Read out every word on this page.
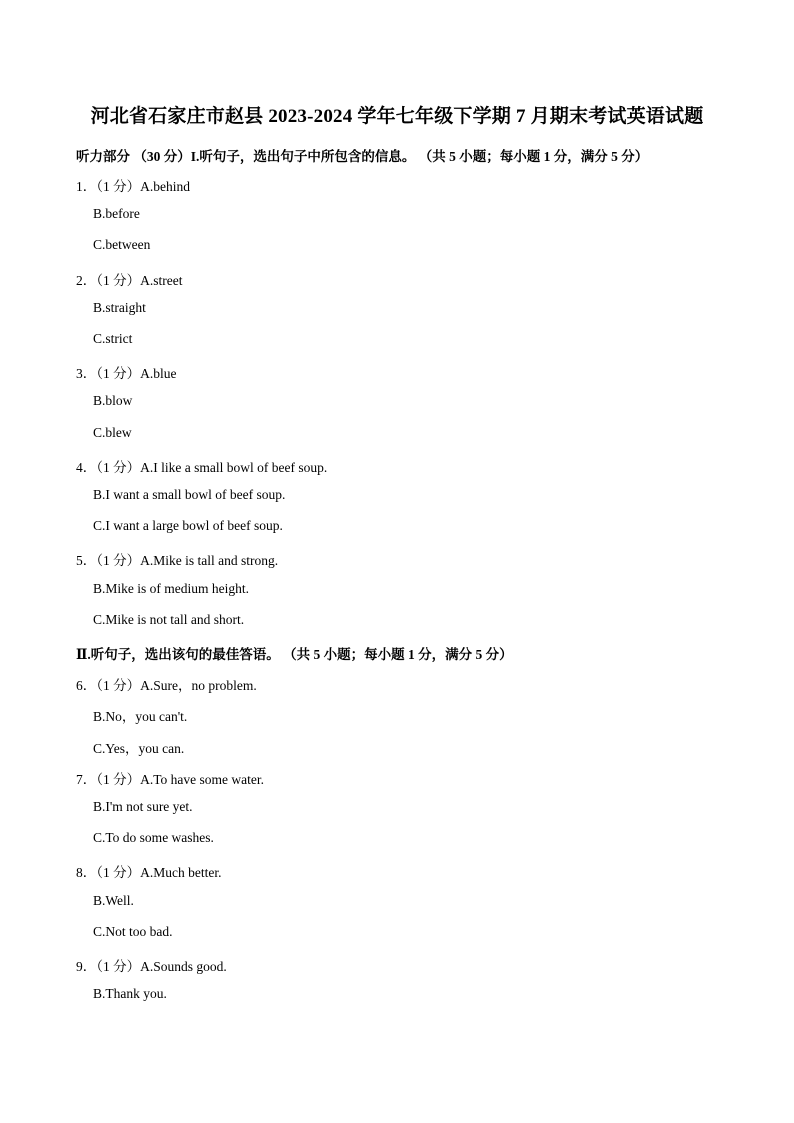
河北省石家庄市赵县 2023-2024 学年七年级下学期 7 月期末考试英语试题
听力部分 （30 分）I.听句子，选出句子中所包含的信息。 （共 5 小题；每小题 1 分，满分 5 分）
1．（1 分）A.behind
B.before
C.between
2．（1 分）A.street
B.straight
C.strict
3．（1 分）A.blue
B.blow
C.blew
4．（1 分）A.I like a small bowl of beef soup.
B.I want a small bowl of beef soup.
C.I want a large bowl of beef soup.
5．（1 分）A.Mike is tall and strong.
B.Mike is of medium height.
C.Mike is not tall and short.
Ⅱ.听句子，选出该句的最佳答语。 （共 5 小题；每小题 1 分，满分 5 分）
6．（1 分）A.Sure，no problem.
B.No，you can't.
C.Yes，you can.
7．（1 分）A.To have some water.
B.I'm not sure yet.
C.To do some washes.
8．（1 分）A.Much better.
B.Well.
C.Not too bad.
9．（1 分）A.Sounds good.
B.Thank you.
